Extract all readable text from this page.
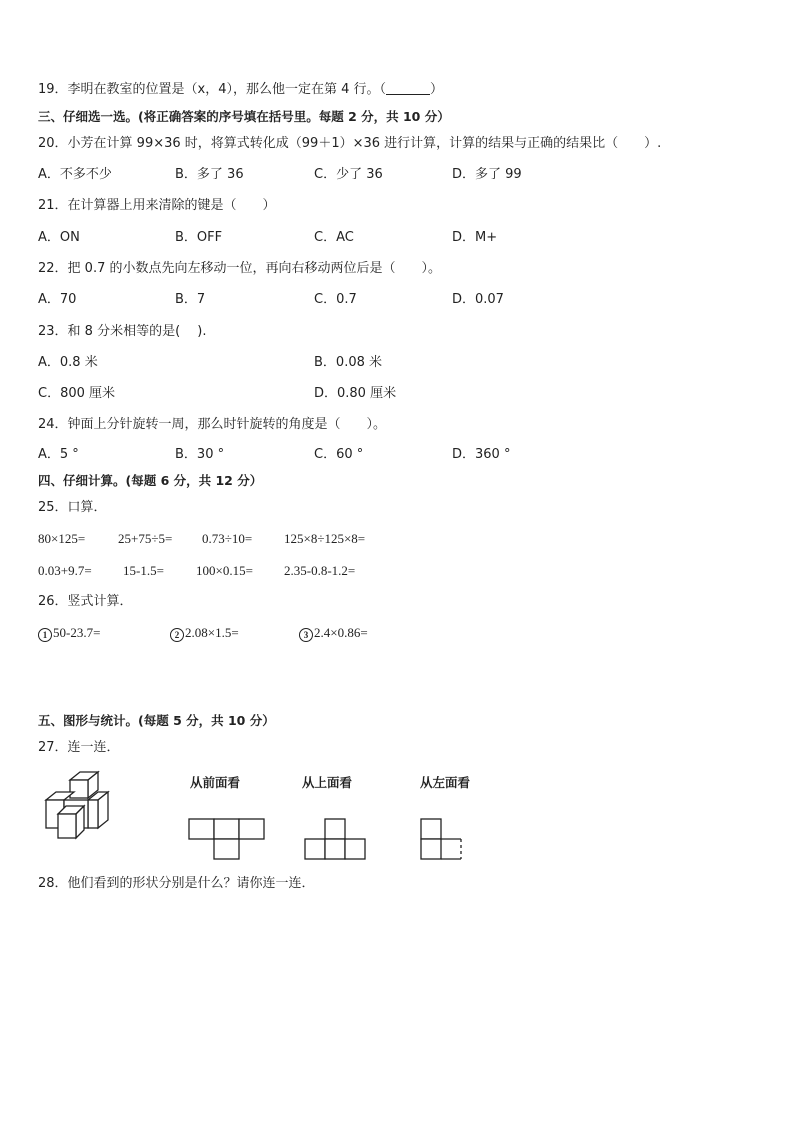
19．李明在教室的位置是（x，4），那么他一定在第 4 行。（	）
三、仔细选一选。(将正确答案的序号填在括号里。每题 2 分，共 10 分）
20．小芳在计算 99×36 时，将算式转化成（99＋1）×36 进行计算，计算的结果与正确的结果比（　　）.
A．不多不少	B．多了 36	C．少了 36	D．多了 99
21．在计算器上用来清除的键是（　　）
A．ON	B．OFF	C．AC	D．M+
22．把 0.7 的小数点先向左移动一位，再向右移动两位后是（　　）。
A．70	B．7	C．0.7	D．0.07
23．和 8 分米相等的是(　 ).
A．0.8 米	B．0.08 米
C．800 厘米	D．0.80 厘米
24．钟面上分针旋转一周，那么时针旋转的角度是（　　）。
A．5 °	B．30 °	C．60 °	D．360 °
四、仔细计算。(每题 6 分，共 12 分）
25．口算．
80×125=	25+75÷5= 0.73÷10= 125×8÷125×8=
0.03+9.7= 15-1.5= 100×0.15= 2.35-0.8-1.2=
26．竖式计算．
1 50-23.7=	2 2.08×1.5=	3 2.4×0.86=
五、图形与统计。(每题 5 分，共 10 分）
27．连一连．
从前面看	从上面看	从左面看
28．他们看到的形状分别是什么？请你连一连．
